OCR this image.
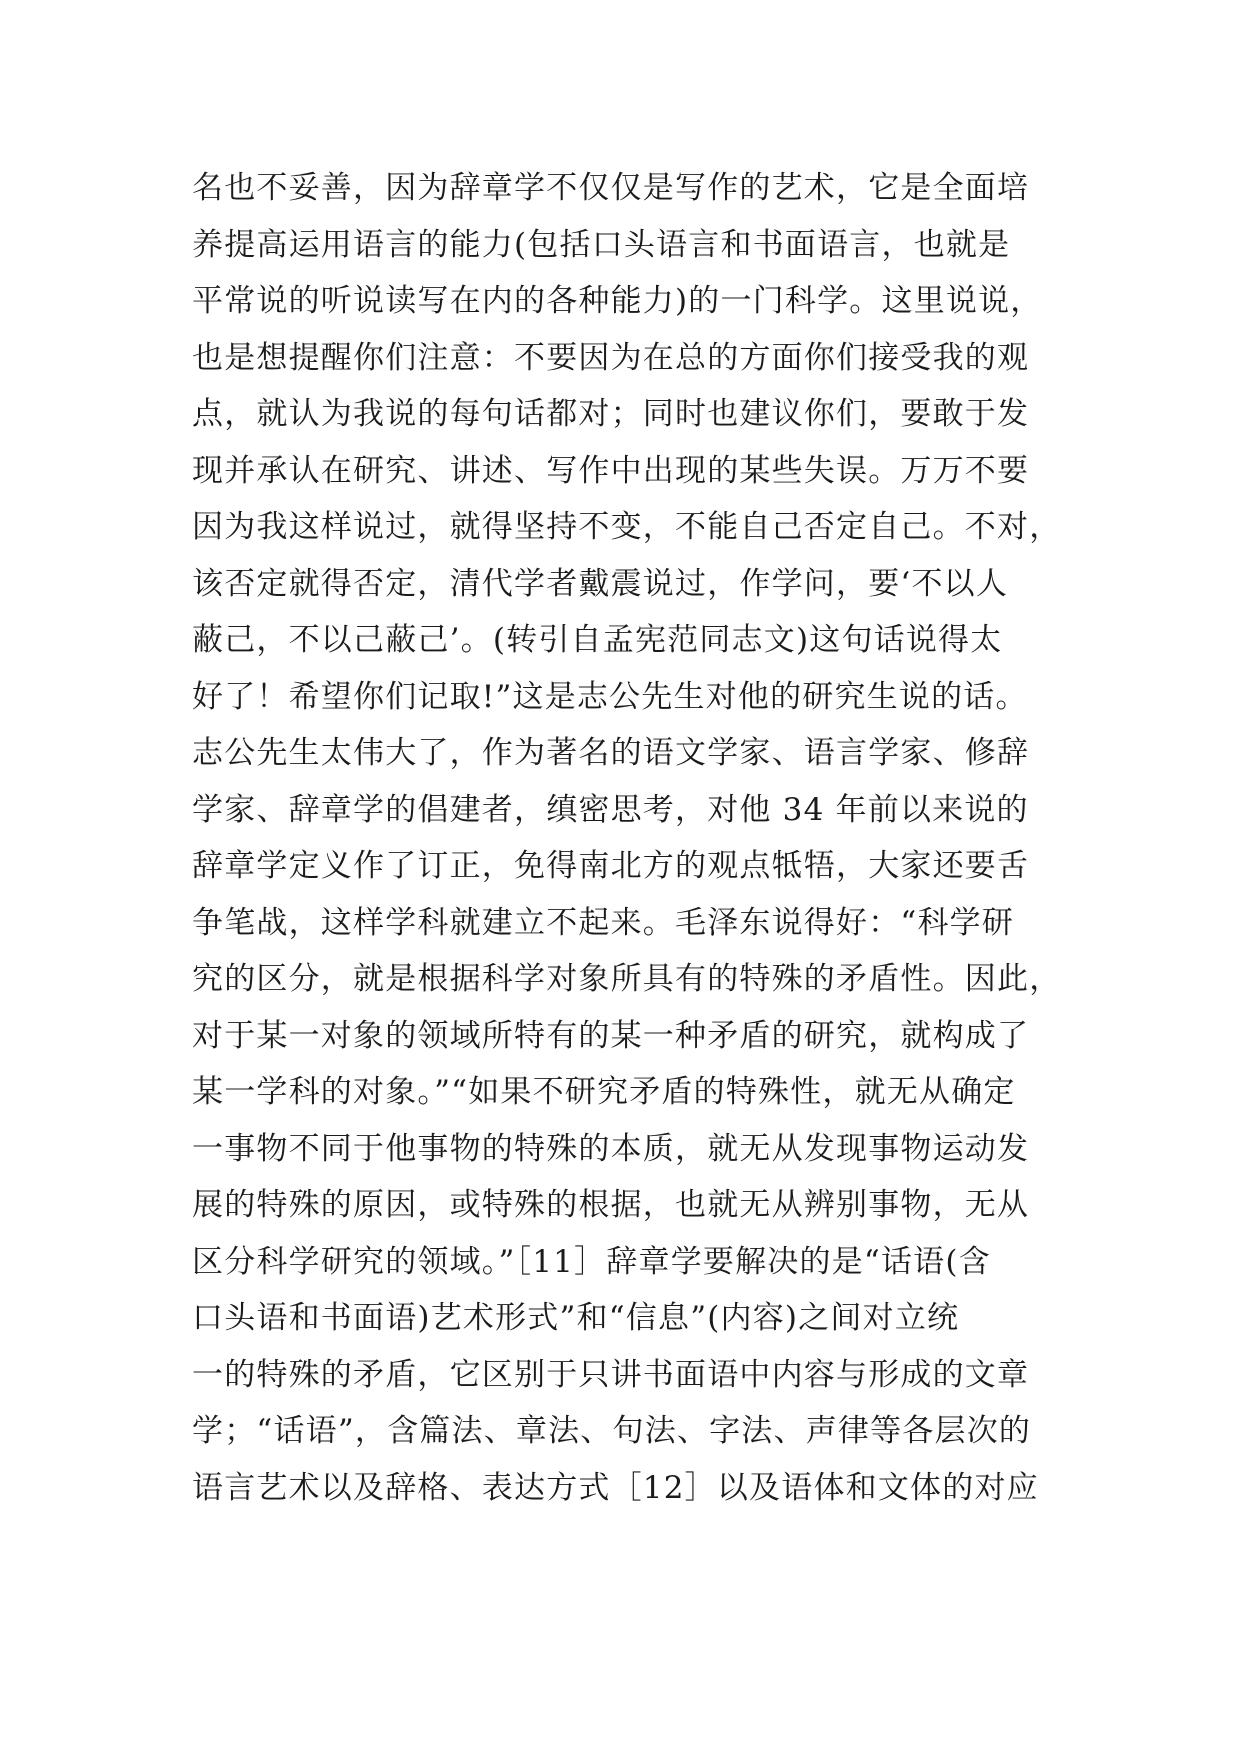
名也不妥善，因为辞章学不仅仅是写作的艺术，它是全面培
养提高运用语言的能力(包括口头语言和书面语言，也就是
平常说的听说读写在内的各种能力)的一门科学。这里说说，
也是想提醒你们注意：不要因为在总的方面你们接受我的观
点，就认为我说的每句话都对；同时也建议你们，要敢于发
现并承认在研究、讲述、写作中出现的某些失误。万万不要
因为我这样说过，就得坚持不变，不能自己否定自己。不对，
该否定就得否定，清代学者戴震说过，作学问，要‘不以人
蔽己，不以己蔽己’。(转引自孟宪范同志文)这句话说得太
好了！希望你们记取!”这是志公先生对他的研究生说的话。
志公先生太伟大了，作为著名的语文学家、语言学家、修辞
学家、辞章学的倡建者，缜密思考，对他 34 年前以来说的
辞章学定义作了订正，免得南北方的观点牴牾，大家还要舌
争笔战，这样学科就建立不起来。毛泽东说得好：“科学研
究的区分，就是根据科学对象所具有的特殊的矛盾性。因此，
对于某一对象的领域所特有的某一种矛盾的研究，就构成了
某一学科的对象。”“如果不研究矛盾的特殊性，就无从确定
一事物不同于他事物的特殊的本质，就无从发现事物运动发
展的特殊的原因，或特殊的根据，也就无从辨别事物，无从
区分科学研究的领域。”［11］辞章学要解决的是“话语(含
口头语和书面语)艺术形式”和“信息”(内容)之间对立统
一的特殊的矛盾，它区别于只讲书面语中内容与形成的文章
学；“话语”，含篇法、章法、句法、字法、声律等各层次的
语言艺术以及辞格、表达方式［12］以及语体和文体的对应
